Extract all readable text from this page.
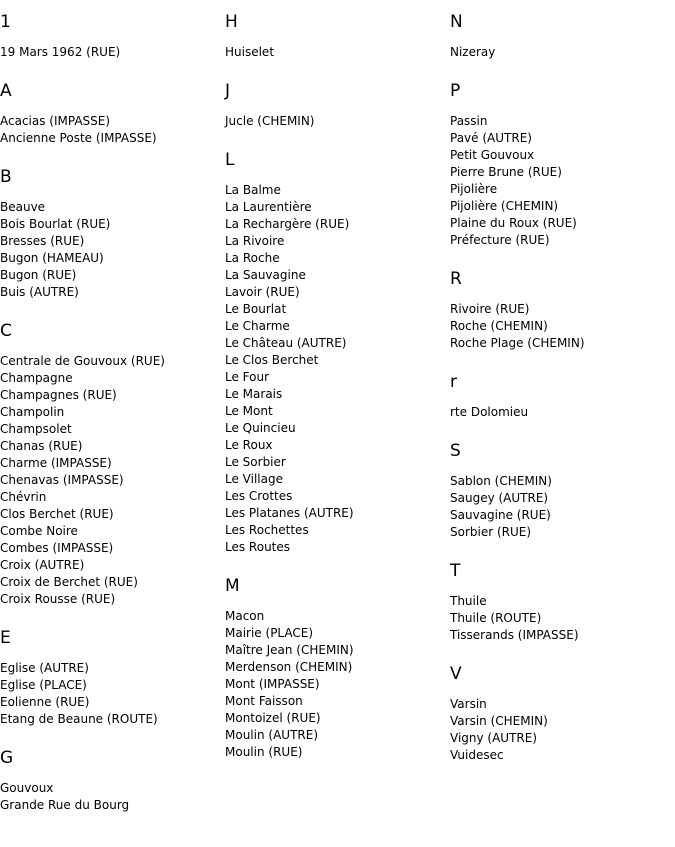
1
19 Mars 1962 (RUE)
A
Acacias (IMPASSE)
Ancienne Poste (IMPASSE)
B
Beauve
Bois Bourlat (RUE)
Bresses (RUE)
Bugon (HAMEAU)
Bugon (RUE)
Buis (AUTRE)
C
Centrale de Gouvoux (RUE)
Champagne
Champagnes (RUE)
Champolin
Champsolet
Chanas (RUE)
Charme (IMPASSE)
Chenavas (IMPASSE)
Chévrin
Clos Berchet (RUE)
Combe Noire
Combes (IMPASSE)
Croix (AUTRE)
Croix de Berchet (RUE)
Croix Rousse (RUE)
E
Eglise (AUTRE)
Eglise (PLACE)
Eolienne (RUE)
Etang de Beaune (ROUTE)
G
Gouvoux
Grande Rue du Bourg
H
Huiselet
J
Jucle (CHEMIN)
L
La Balme
La Laurentière
La Rechargère (RUE)
La Rivoire
La Roche
La Sauvagine
Lavoir (RUE)
Le Bourlat
Le Charme
Le Château (AUTRE)
Le Clos Berchet
Le Four
Le Marais
Le Mont
Le Quincieu
Le Roux
Le Sorbier
Le Village
Les Crottes
Les Platanes (AUTRE)
Les Rochettes
Les Routes
M
Macon
Mairie (PLACE)
Maître Jean (CHEMIN)
Merdenson (CHEMIN)
Mont (IMPASSE)
Mont Faisson
Montoizel (RUE)
Moulin (AUTRE)
Moulin (RUE)
N
Nizeray
P
Passin
Pavé (AUTRE)
Petit Gouvoux
Pierre Brune (RUE)
Pijolière
Pijolière (CHEMIN)
Plaine du Roux (RUE)
Préfecture (RUE)
R
Rivoire (RUE)
Roche (CHEMIN)
Roche Plage (CHEMIN)
r
rte Dolomieu
S
Sablon (CHEMIN)
Saugey (AUTRE)
Sauvagine (RUE)
Sorbier (RUE)
T
Thuile
Thuile (ROUTE)
Tisserands (IMPASSE)
V
Varsin
Varsin (CHEMIN)
Vigny (AUTRE)
Vuidesec
